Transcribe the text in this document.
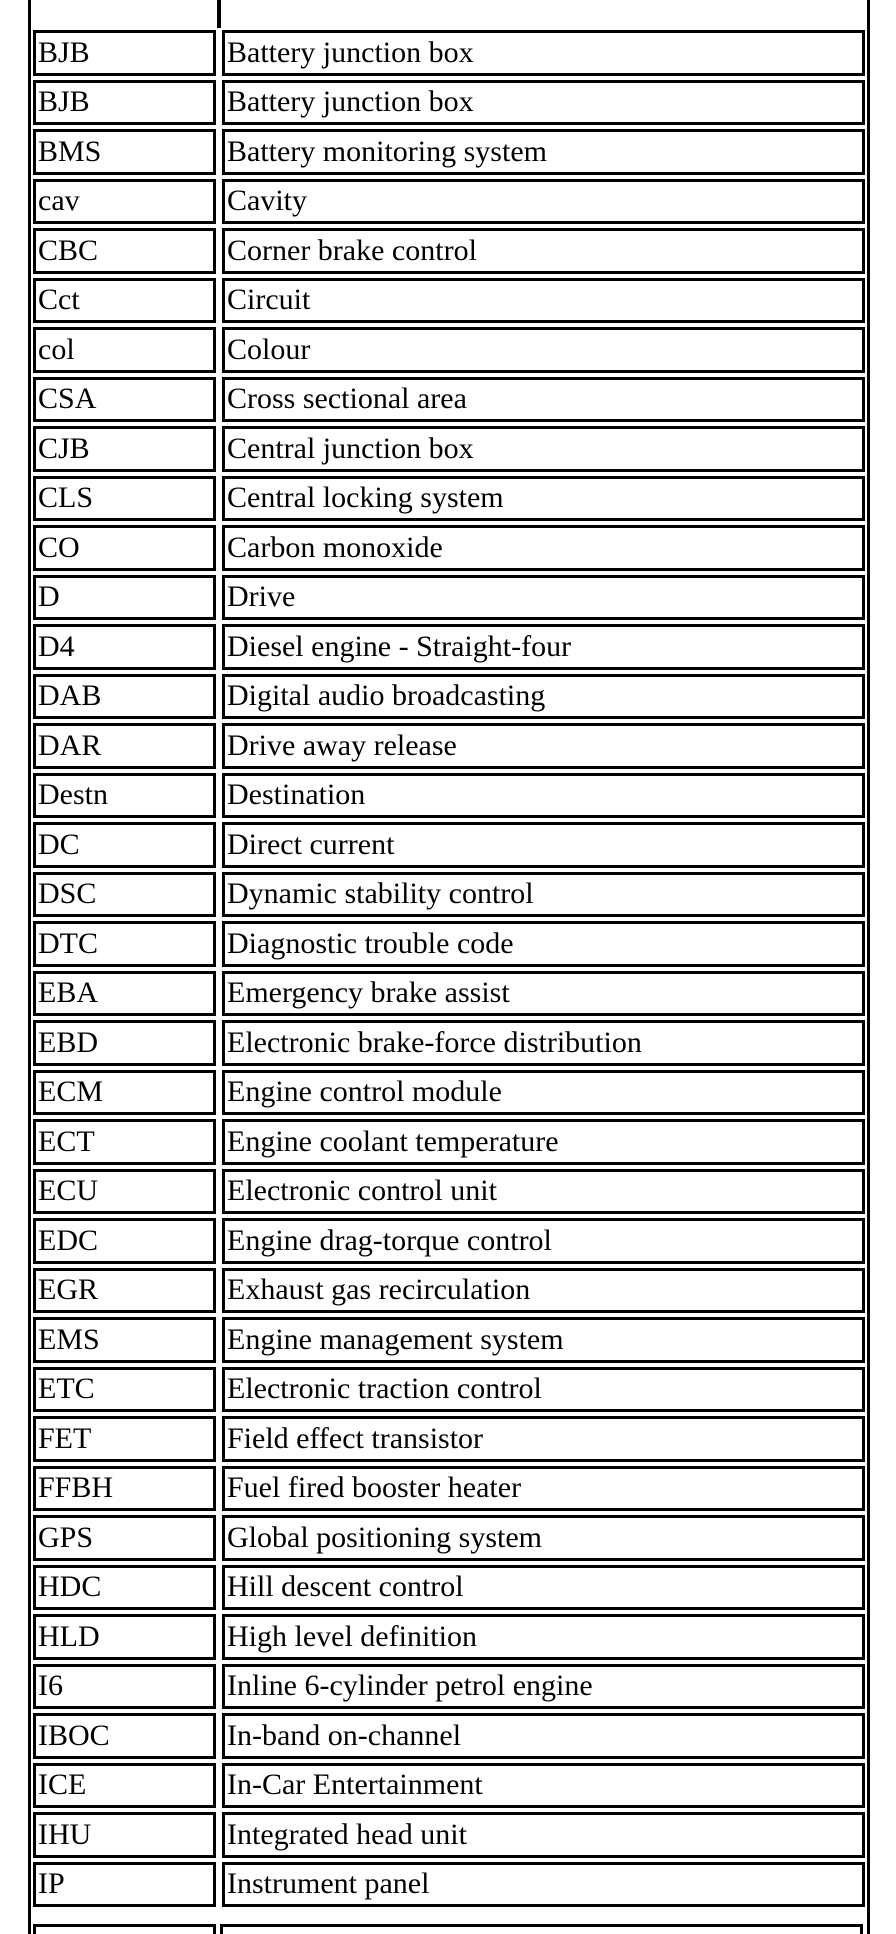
BJB	Battery junction box
BJB	Battery junction box
BMS	Battery monitoring system
cav	Cavity
CBC	Corner brake control
Cct	Circuit
col	Colour
CSA	Cross sectional area
CJB	Central junction box
CLS	Central locking system
CO	Carbon monoxide
D	Drive
D4	Diesel engine - Straight-four
DAB	Digital audio broadcasting
DAR	Drive away release
Destn	Destination
DC	Direct current
DSC	Dynamic stability control
DTC	Diagnostic trouble code
EBA	Emergency brake assist
EBD	Electronic brake-force distribution
ECM	Engine control module
ECT	Engine coolant temperature
ECU	Electronic control unit
EDC	Engine drag-torque control
EGR	Exhaust gas recirculation
EMS	Engine management system
ETC	Electronic traction control
FET	Field effect transistor
FFBH	Fuel fired booster heater
GPS	Global positioning system
HDC	Hill descent control
HLD	High level definition
I6	Inline 6-cylinder petrol engine
IBOC	In-band on-channel
ICE	In-Car Entertainment
IHU	Integrated head unit
IP	Instrument panel
